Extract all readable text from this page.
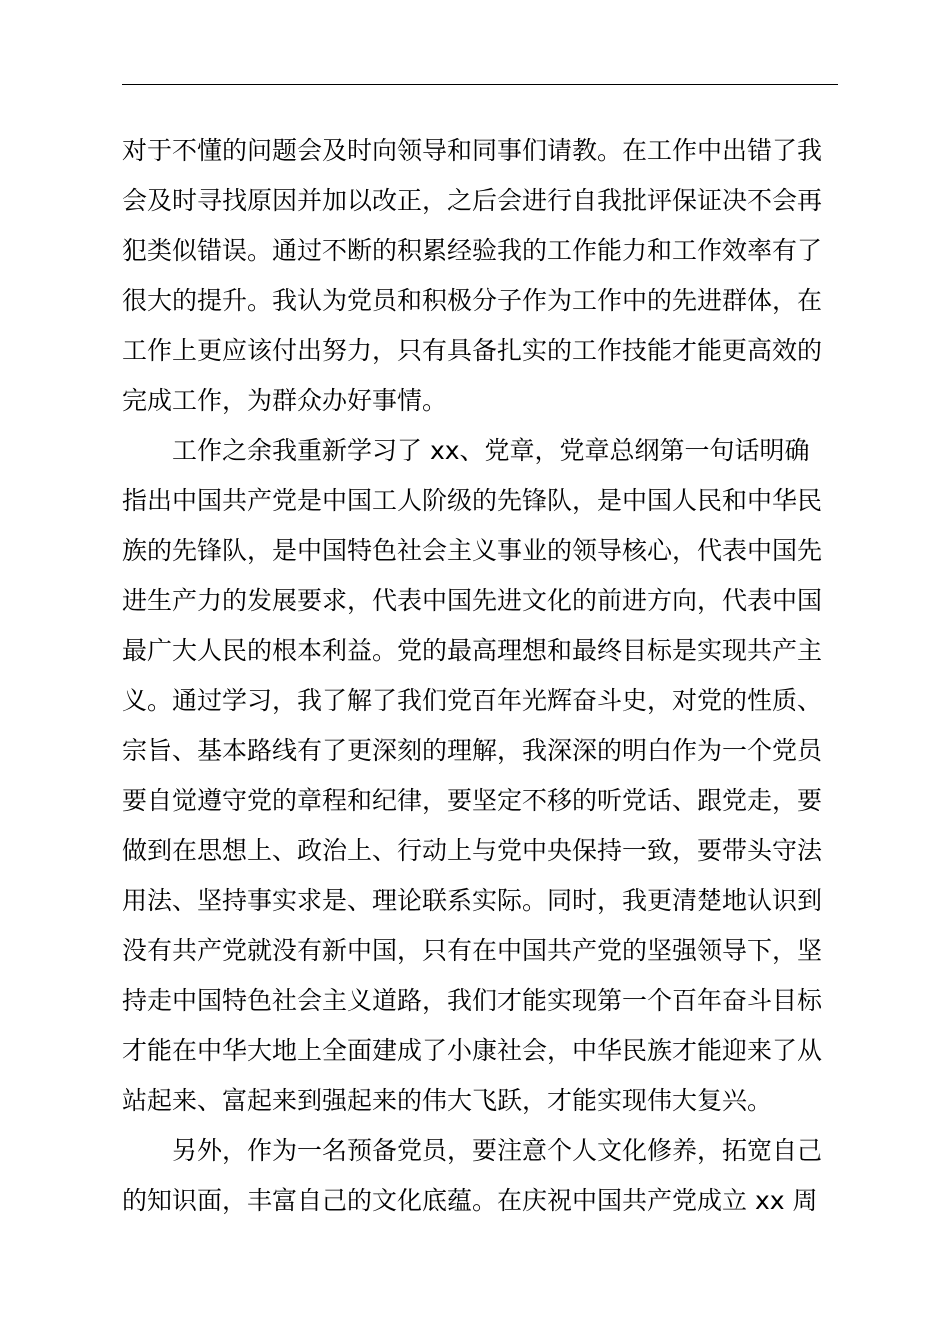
对于不懂的问题会及时向领导和同事们请教。在工作中出错了我
会及时寻找原因并加以改正，之后会进行自我批评保证决不会再
犯类似错误。通过不断的积累经验我的工作能力和工作效率有了
很大的提升。我认为党员和积极分子作为工作中的先进群体，在
工作上更应该付出努力，只有具备扎实的工作技能才能更高效的
完成工作，为群众办好事情。
　　工作之余我重新学习了 xx、党章，党章总纲第一句话明确
指出中国共产党是中国工人阶级的先锋队，是中国人民和中华民
族的先锋队，是中国特色社会主义事业的领导核心，代表中国先
进生产力的发展要求，代表中国先进文化的前进方向，代表中国
最广大人民的根本利益。党的最高理想和最终目标是实现共产主
义。通过学习，我了解了我们党百年光辉奋斗史，对党的性质、
宗旨、基本路线有了更深刻的理解，我深深的明白作为一个党员
要自觉遵守党的章程和纪律，要坚定不移的听党话、跟党走，要
做到在思想上、政治上、行动上与党中央保持一致，要带头守法
用法、坚持事实求是、理论联系实际。同时，我更清楚地认识到
没有共产党就没有新中国，只有在中国共产党的坚强领导下，坚
持走中国特色社会主义道路，我们才能实现第一个百年奋斗目标
才能在中华大地上全面建成了小康社会，中华民族才能迎来了从
站起来、富起来到强起来的伟大飞跃，才能实现伟大复兴。
　　另外，作为一名预备党员，要注意个人文化修养，拓宽自己
的知识面，丰富自己的文化底蕴。在庆祝中国共产党成立 xx 周
